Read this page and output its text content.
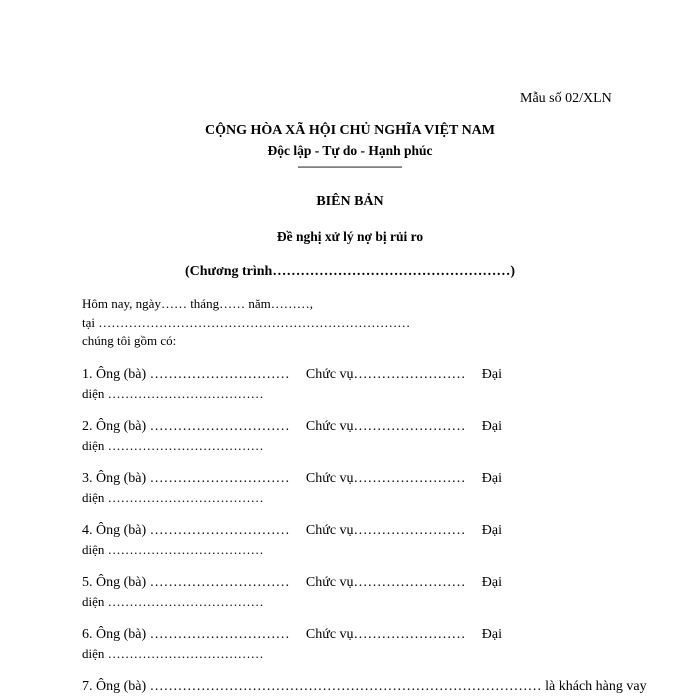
Mẫu số 02/XLN
CỘNG HÒA XÃ HỘI CHỦ NGHĨA VIỆT NAM
Độc lập - Tự do - Hạnh phúc
————————
BIÊN BẢN
Đề nghị xử lý nợ bị rủi ro
(Chương trình……………………………………………)
Hôm nay, ngày…… tháng…… năm………,
tại ………………………………………………………………
chúng tôi gồm có:
1. Ông (bà) ………………………… Chức vụ…………………… Đại
diện ………………………………
2. Ông (bà) ………………………… Chức vụ…………………… Đại
diện ………………………………
3. Ông (bà) ………………………… Chức vụ…………………… Đại
diện ………………………………
4. Ông (bà) ………………………… Chức vụ…………………… Đại
diện ………………………………
5. Ông (bà) ………………………… Chức vụ…………………… Đại
diện ………………………………
6. Ông (bà) ………………………… Chức vụ…………………… Đại
diện ………………………………
7. Ông (bà) ………………………………………………………………………… là khách hàng vay
